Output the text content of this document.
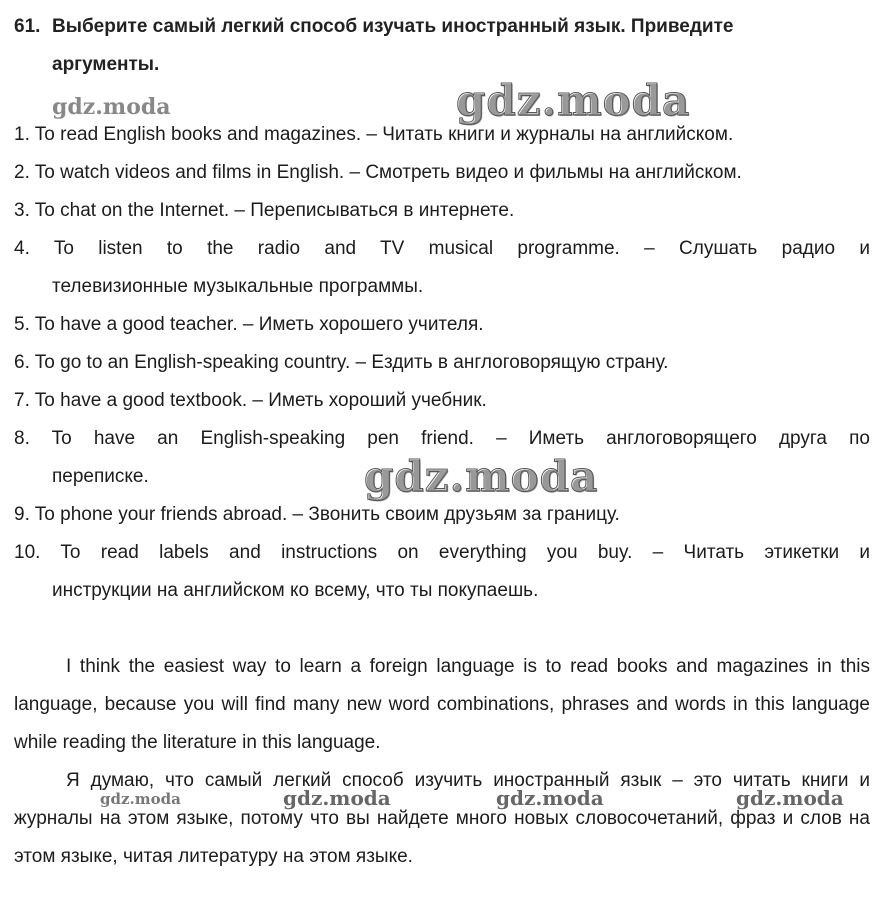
61. Выберите самый легкий способ изучать иностранный язык. Приведите
аргументы.
1. To read English books and magazines. – Читать книги и журналы на английском.
2. To watch videos and films in English. – Смотреть видео и фильмы на английском.
3. To chat on the Internet. – Переписываться в интернете.
4. To listen to the radio and TV musical programme. – Слушать радио и
телевизионные музыкальные программы.
5. To have a good teacher. – Иметь хорошего учителя.
6. To go to an English-speaking country. – Ездить в англоговорящую страну.
7. To have a good textbook. – Иметь хороший учебник.
8. To have an English-speaking pen friend. – Иметь англоговорящего друга по
переписке.
9. To phone your friends abroad. – Звонить своим друзьям за границу.
10. To read labels and instructions on everything you buy. – Читать этикетки и
инструкции на английском ко всему, что ты покупаешь.
I think the easiest way to learn a foreign language is to read books and magazines in this language, because you will find many new word combinations, phrases and words in this language while reading the literature in this language.
Я думаю, что самый легкий способ изучить иностранный язык – это читать книги и журналы на этом языке, потому что вы найдете много новых словосочетаний, фраз и слов на этом языке, читая литературу на этом языке.
gdz.moda	gdz.moda
gdz.moda
gdz.moda	gdz.moda	gdz.moda	gdz.moda
